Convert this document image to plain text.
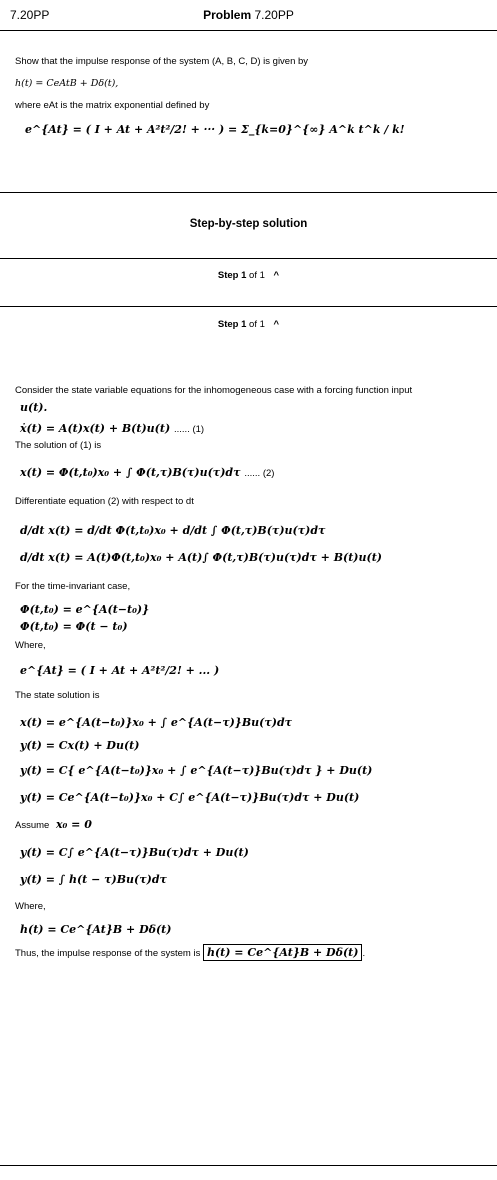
7.20PP	Problem 7.20PP

Show that the impulse response of the system (A, B, C, D) is given by

h(t) = CeAtB + Dδ(t),

where eAt is the matrix exponential defined by

e^{At} = ( I + At + A²t²/2! + ··· ) = Σ_{k=0}^{∞} A^k t^k / k!

Step-by-step solution
Step 1 of 1 ^
Step 1 of 1 ^

Consider the state variable equations for the inhomogeneous case with a forcing function input

u(t).
ẋ(t) = A(t)x(t) + B(t)u(t) ...... (1)

The solution of (1) is

x(t) = Φ(t,t₀)x₀ + ∫ Φ(t,τ)B(τ)u(τ)dτ ...... (2)

Differentiate equation (2) with respect to dt

d/dt x(t) = d/dt Φ(t,t₀)x₀ + d/dt ∫ Φ(t,τ)B(τ)u(τ)dτ
d/dt x(t) = A(t)Φ(t,t₀)x₀ + A(t)∫ Φ(t,τ)B(τ)u(τ)dτ + B(t)u(t)

For the time-invariant case,

Φ(t,t₀) = e^{A(t−t₀)}
Φ(t,t₀) = Φ(t − t₀)

Where,

e^{At} = ( I + At + A²t²/2! + ... )

The state solution is

x(t) = e^{A(t−t₀)}x₀ + ∫ e^{A(t−τ)}Bu(τ)dτ
y(t) = Cx(t) + Du(t)
y(t) = C{ e^{A(t−t₀)}x₀ + ∫ e^{A(t−τ)}Bu(τ)dτ } + Du(t)
y(t) = Ce^{A(t−t₀)}x₀ + C∫ e^{A(t−τ)}Bu(τ)dτ + Du(t)

Assume x₀ = 0

y(t) = C∫ e^{A(t−τ)}Bu(τ)dτ + Du(t)
y(t) = ∫ h(t − τ)Bu(τ)dτ

Where,

h(t) = Ce^{At}B + Dδ(t)

Thus, the impulse response of the system is h(t) = Ce^{At}B + Dδ(t) .
